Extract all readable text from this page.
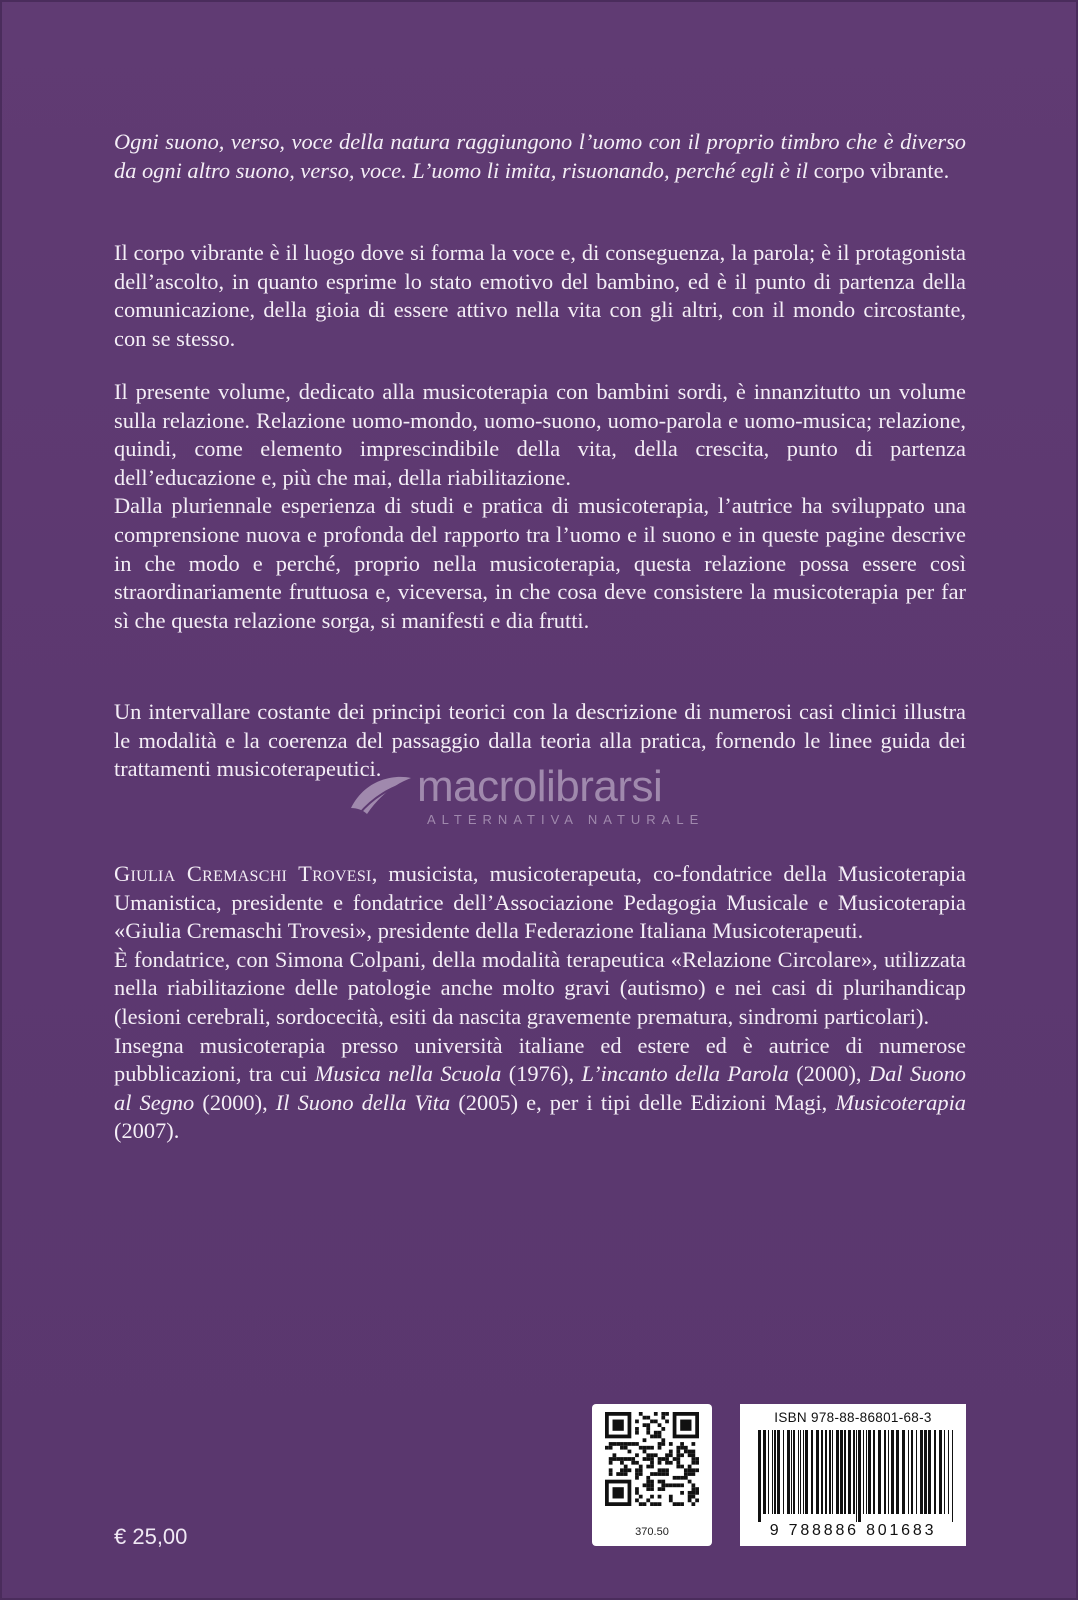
Ogni suono, verso, voce della natura raggiungono l’uomo con il proprio timbro che è diverso da ogni altro suono, verso, voce. L’uomo li imita, risuonando, perché egli è il corpo vibrante.

Il corpo vibrante è il luogo dove si forma la voce e, di conseguenza, la parola; è il protagonista dell’ascolto, in quanto esprime lo stato emotivo del bambino, ed è il punto di partenza della comunicazione, della gioia di essere attivo nella vita con gli altri, con il mondo circostante, con se stesso.

Il presente volume, dedicato alla musicoterapia con bambini sordi, è innanzitutto un volume sulla relazione. Relazione uomo-mondo, uomo-suono, uomo-parola e uomo-musica; relazione, quindi, come elemento imprescindibile della vita, della crescita, punto di partenza dell’educazione e, più che mai, della riabilitazione.

Dalla pluriennale esperienza di studi e pratica di musicoterapia, l’autrice ha sviluppato una comprensione nuova e profonda del rapporto tra l’uomo e il suono e in queste pagine descrive in che modo e perché, proprio nella musicoterapia, questa relazione possa essere così straordinariamente fruttuosa e, viceversa, in che cosa deve consistere la musicoterapia per far sì che questa relazione sorga, si manifesti e dia frutti.

Un intervallare costante dei principi teorici con la descrizione di numerosi casi clinici illustra le modalità e la coerenza del passaggio dalla teoria alla pratica, fornendo le linee guida dei trattamenti musicoterapeutici. macrolibrarsi
ALTERNATIVA NATURALE

Giulia Cremaschi Trovesi, musicista, musicoterapeuta, co-fondatrice della Musicoterapia Umanistica, presidente e fondatrice dell’Associazione Pedagogia Musicale e Musicoterapia «Giulia Cremaschi Trovesi», presidente della Federazione Italiana Musicoterapeuti.

È fondatrice, con Simona Colpani, della modalità terapeutica «Relazione Circolare», utilizzata nella riabilitazione delle patologie anche molto gravi (autismo) e nei casi di plurihandicap (lesioni cerebrali, sordocecità, esiti da nascita gravemente prematura, sindromi particolari).

Insegna musicoterapia presso università italiane ed estere ed è autrice di numerose pubblicazioni, tra cui Musica nella Scuola (1976), L’incanto della Parola (2000), Dal Suono al Segno (2000), Il Suono della Vita (2005) e, per i tipi delle Edizioni Magi, Musicoterapia (2007).

€ 25,00	370.50
ISBN 978-88-86801-68-3
9 788886 801683
